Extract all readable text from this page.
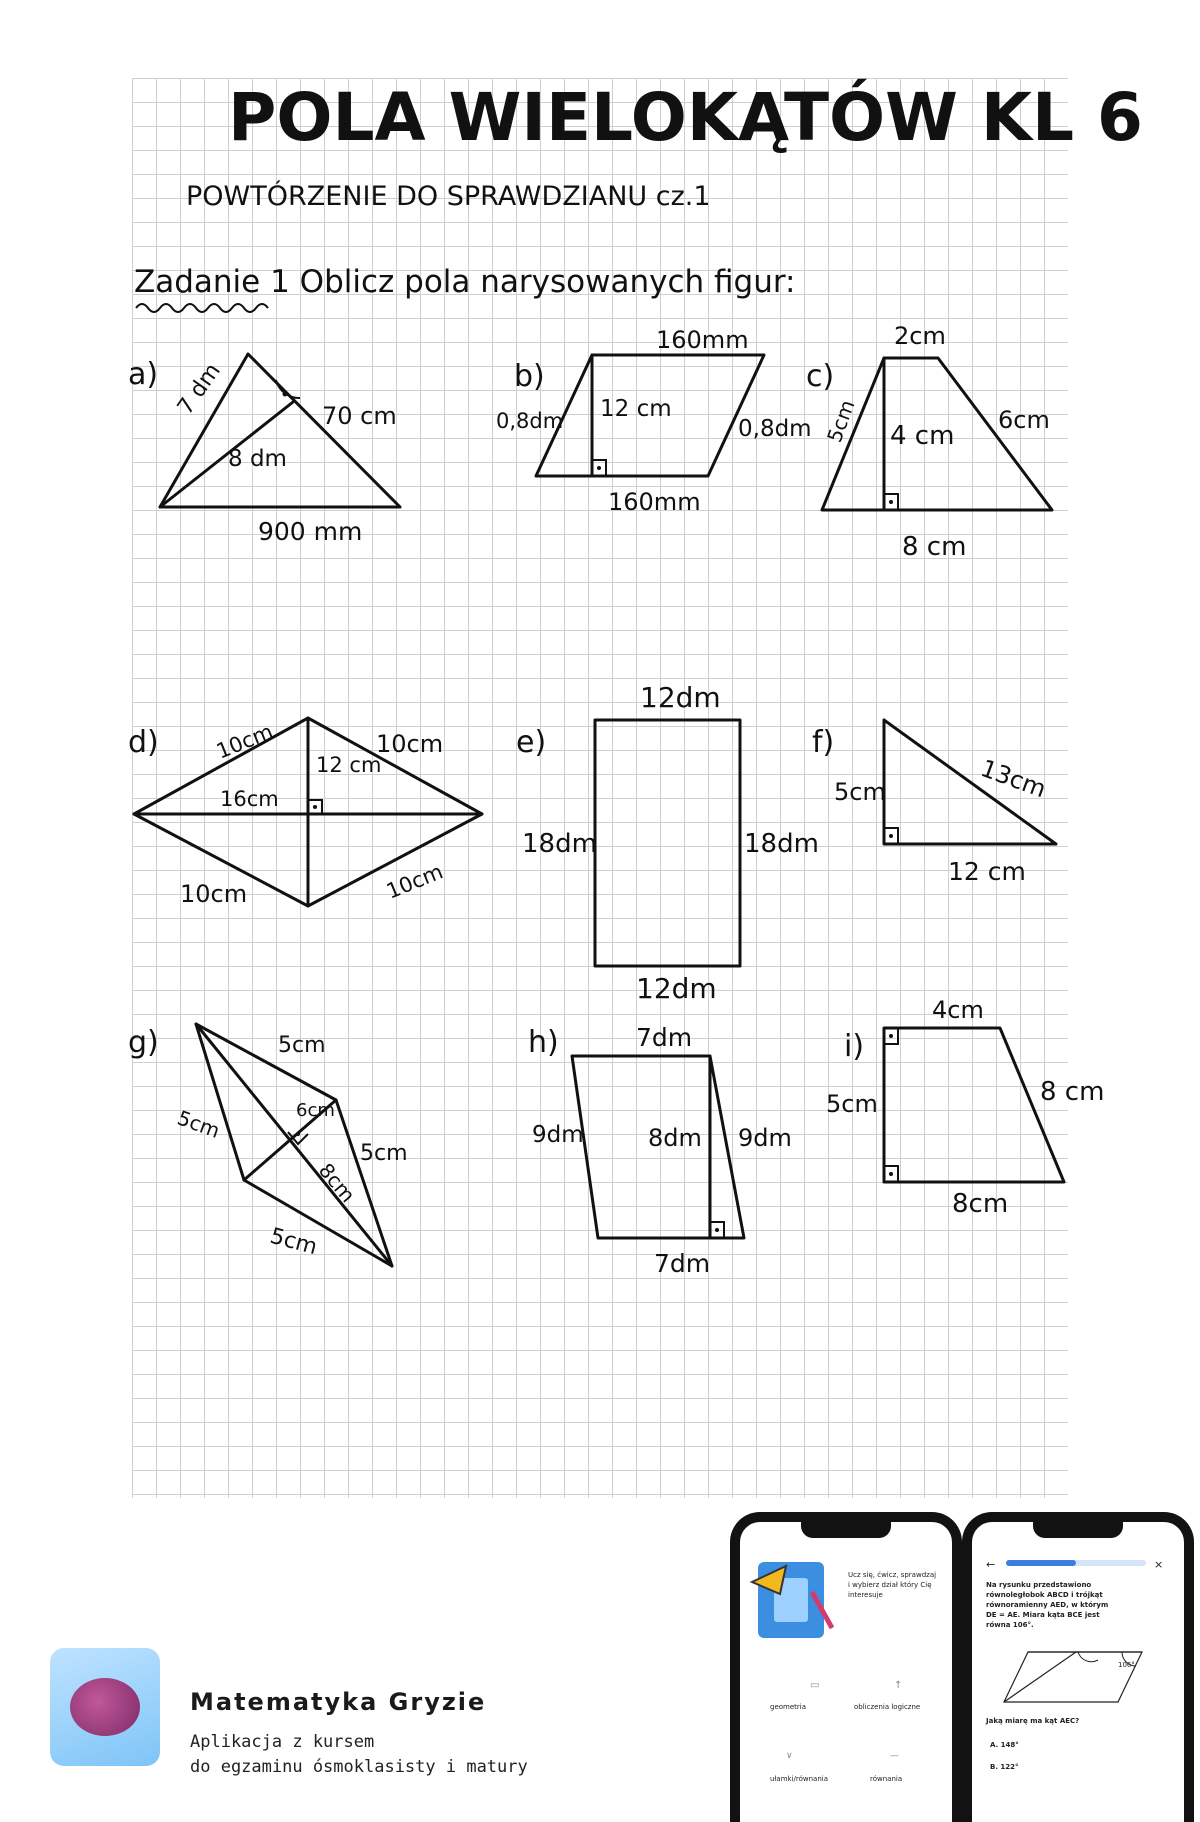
POLA WIELOKĄTÓW KL 6
POWTÓRZENIE DO SPRAWDZIANU cz.1
Zadanie 1 Oblicz pola narysowanych figur:
a) 7 dm	70 cm
8 dm
900 mm
b)
160mm
0,8dm 12 cm
0,8dm
160mm
c)
2cm
5cm 4 cm
6cm
8 cm
d)	10cm	10cm
12 cm
16cm
10cm	10cm
e)
12dm
18dm	18dm
12dm
f)
5cm	13cm
12 cm
g)	5cm
5cm	6cm
5cm
8cm
5cm
h)	7dm
9dm	8dm 9dm
7dm
i)
4cm
5cm	8 cm
8cm
Matematyka Gryzie
Aplikacja z kursem
do egzaminu ósmoklasisty i matury
▭	↑
∨	—
Ucz się, ćwicz, sprawdzaj i wybierz dział który Cię interesuje
geometria	obliczenia logiczne
ułamki/równania	równania
←	×
Na rysunku przedstawiono równoległobok ABCD i trójkąt równoramienny AED, w którym DE = AE. Miara kąta BCE jest równa 106°.
106°
Jaką miarę ma kąt AEC?
A. 148°
B. 122°
